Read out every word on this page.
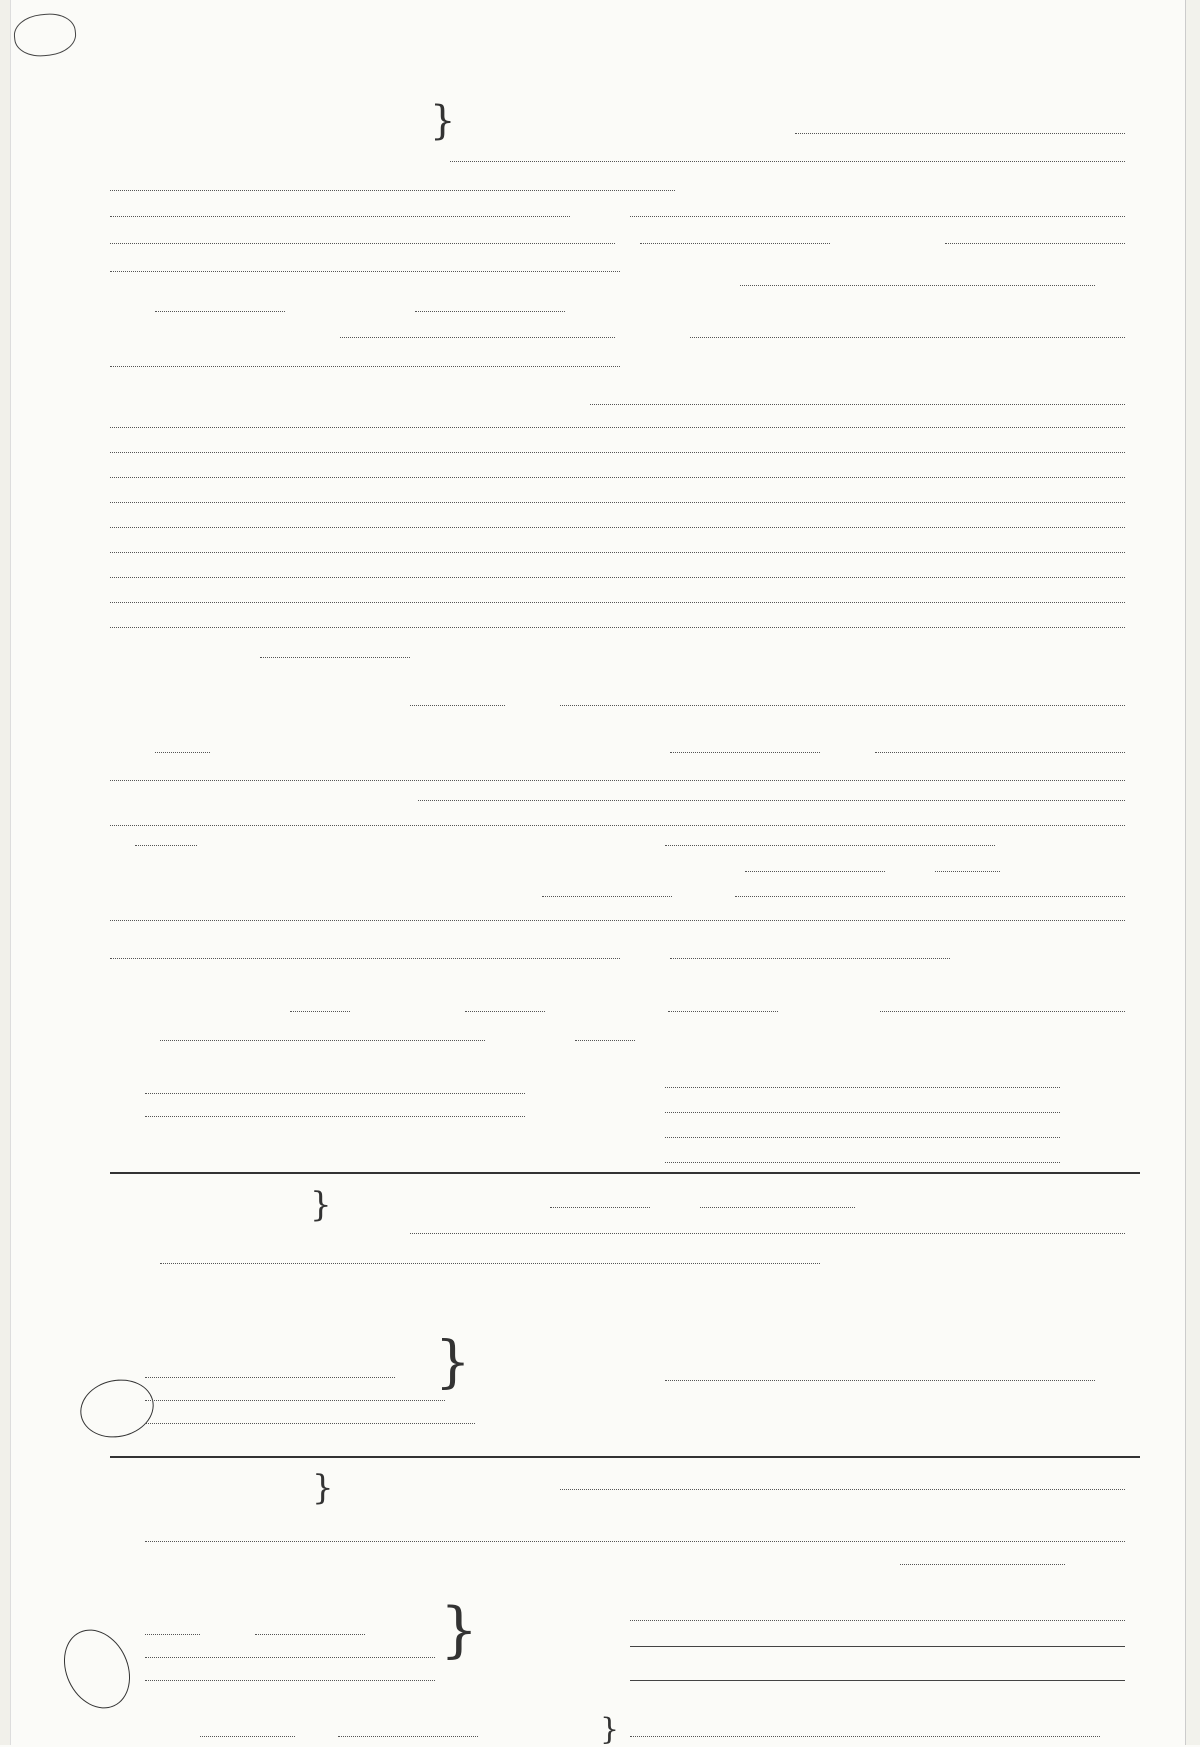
}
}
}
}
}
}
